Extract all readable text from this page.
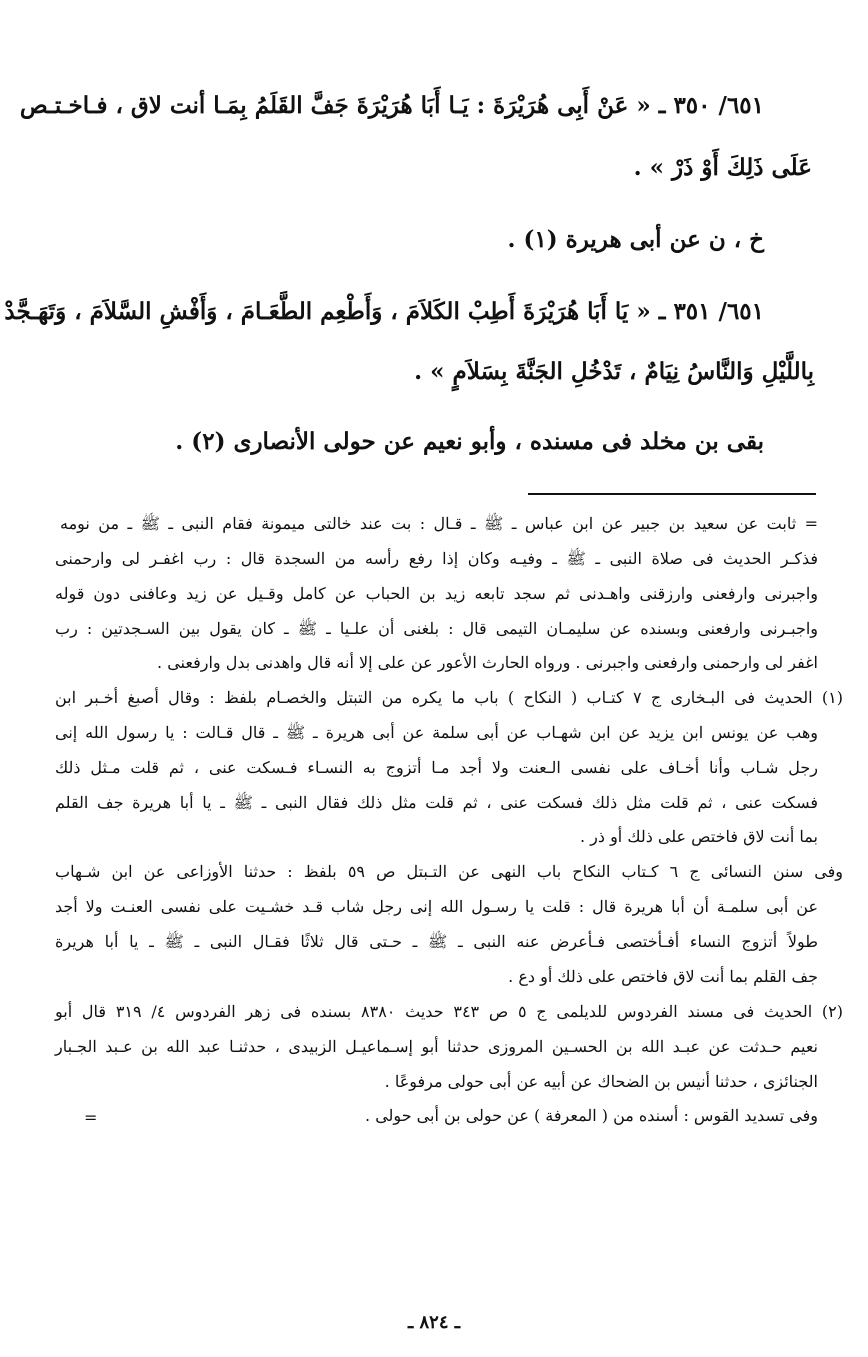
٦٥١/ ٣٥٠ ـ « عَنْ أَبِى هُرَيْرَةَ : يَـا أَبَا هُرَيْرَةَ جَفَّ القَلَمُ بِمَـا أنت لاق ، فـاخـتـص
عَلَى ذَلِكَ أَوْ ذَرْ » .
خ ، ن عن أبى هريرة (١) .
٦٥١/ ٣٥١ ـ « يَا أَبَا هُرَيْرَةَ أَطِبْ الكَلاَمَ ، وَأَطْعِم الطَّعَـامَ ، وَأَفْشِ السَّلاَمَ ، وَتَهَـجَّدْ
بِاللَّيْلِ وَالنَّاسُ نِيَامٌ ، تَدْخُلِ الجَنَّةَ بِسَلاَمٍ » .
بقى بن مخلد فى مسنده ، وأبو نعيم عن حولى الأنصارى (٢) .
= ثابت عن سعيد بن جبير عن ابن عباس ـ ﷺ ـ قـال : بت عند خالتى ميمونة فقام النبى ـ ﷺ ـ من نومه
فذكـر الحديث فى صلاة النبى ـ ﷺ ـ وفيـه وكان إذا رفع رأسه من السجدة قال : رب اغفـر لى وارحمنى
واجبرنى وارفعنى وارزقنى واهـدنى ثم سجد تابعه زيد بن الحباب عن كامل وقـيل عن زيد وعافنى دون قوله
واجبـرنى وارفعنى وبسنده عن سليمـان التيمى قال : بلغنى أن علـيا ـ ﷺ ـ كان يقول بين السـجدتين : رب
اغفر لى وارحمنى وارفعنى واجبرنى . ورواه الحارث الأعور عن على إلا أنه قال واهدنى بدل وارفعنى .
(١) الحديث فى البـخارى ج ٧ كتـاب ( النكاح ) باب ما يكره من التبتل والخصـام بلفظ : وقال أصبغ أخـبر ابن
وهب عن يونس ابن يزيد عن ابن شهـاب عن أبى سلمة عن أبى هريرة ـ ﷺ ـ قال قـالت : يا رسول الله إنى
رجل شـاب وأنا أخـاف على نفسى الـعنت ولا أجد مـا أتزوج به النسـاء فـسكت عنى ، ثم قلت مـثل ذلك
فسكت عنى ، ثم قلت مثل ذلك فسكت عنى ، ثم قلت مثل ذلك فقال النبى ـ ﷺ ـ يا أبا هريرة جف القلم
بما أنت لاق فاختص على ذلك أو ذر .
وفى سنن النسائى ج ٦ كـتاب النكاح باب النهى عن التـبتل ص ٥٩ بلفظ : حدثنا الأوزاعى عن ابن شـهاب
عن أبى سلمـة أن أبا هريرة قال : قلت يا رسـول الله إنى رجل شاب قـد خشـيت على نفسى العنـت ولا أجد
طولاً أتزوج النساء أفـأختصى فـأعرض عنه النبى ـ ﷺ ـ حـتى قال ثلاثًا فقـال النبى ـ ﷺ ـ يا أبا هريرة
جف القلم بما أنت لاق فاختص على ذلك أو دع .
(٢) الحديث فى مسند الفردوس للديلمى ج ٥ ص ٣٤٣ حديث ٨٣٨٠ بسنده فى زهر الفردوس ٤/ ٣١٩ قال أبو
نعيم حـدثت عن عبـد الله بن الحسـين المروزى حدثنا أبو إسـماعيـل الزبيدى ، حدثنـا عبد الله بن عـبد الجـبار
الجنائزى ، حدثنا أنيس بن الضحاك عن أبيه عن أبى حولى مرفوعًا .
وفى تسديد القوس : أسنده من ( المعرفة ) عن حولى بن أبى حولى .
=
ـ ٨٢٤ ـ
